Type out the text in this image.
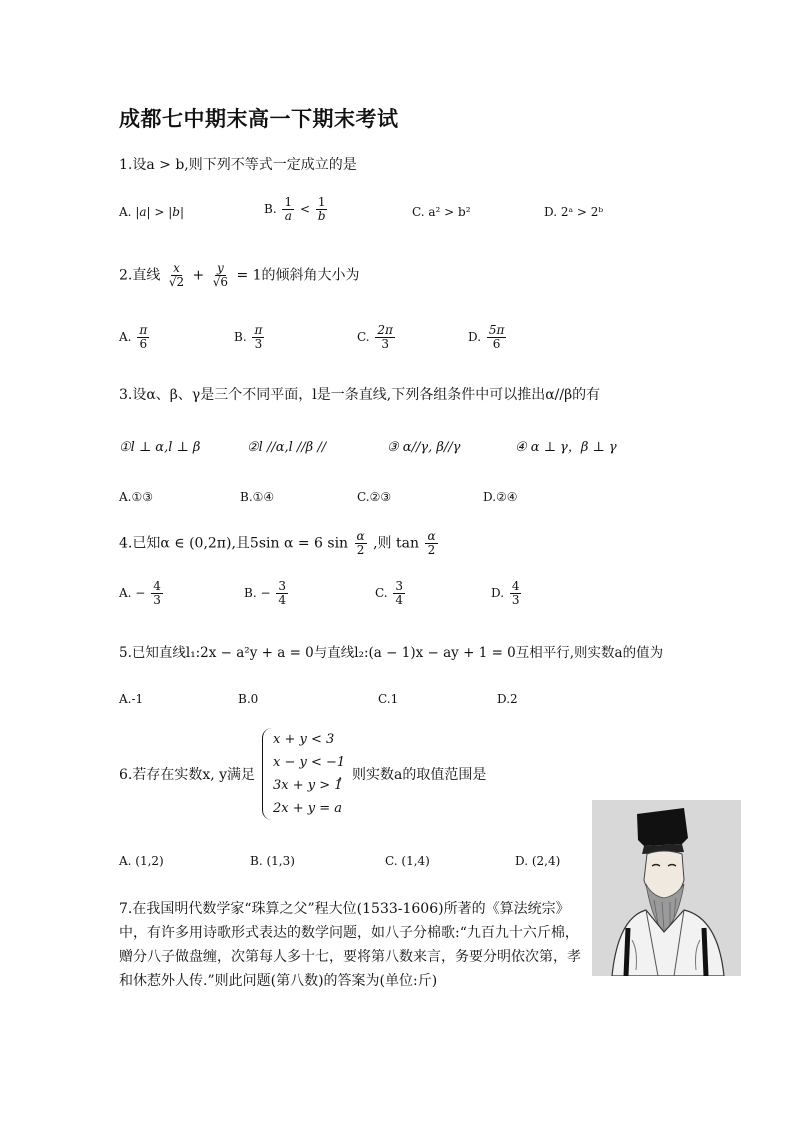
成都七中期末高一下期末考试
1.设a > b,则下列不等式一定成立的是
A. |a| > |b|	B. $\frac{1}{a} < \frac{1}{b}$	C. a² > b²	D. 2ᵃ > 2ᵇ
2.直线 $\frac{x}{√2} + \frac{y}{√6} = 1$的倾斜角大小为
A. $\frac{\pi}{6}$	B. $\frac{\pi}{3}$	C. $\frac{2\pi}{3}$	D. $\frac{5\pi}{6}$
3.设α、β、γ是三个不同平面，l是一条直线,下列各组条件中可以推出α//β的有
①l ⊥ α,l ⊥ β	②l //α,l //β //	③ α//γ, β//γ	④ α ⊥ γ，β ⊥ γ
A.①③	B.①④	C.②③	D.②④
4.已知α ∈ (0,2π),且5sin α = 6 $\sin \frac{\alpha}{2}$ ,则 $\tan \frac{\alpha}{2}$
A. − $\frac{4}{3}$	B. − $\frac{3}{4}$	C. $\frac{3}{4}$	D. $\frac{4}{3}$
5.已知直线l₁:2x − a²y + a = 0与直线l₂:(a − 1)x − ay + 1 = 0互相平行,则实数a的值为
A.-1	B.0	C.1	D.2
6.若存在实数x, y满足
x + y < 3
x − y < −1
3x + y > 1
2x + y = a
，则实数a的取值范围是
A. (1,2)	B. (1,3)	C. (1,4)	D. (2,4)
7.在我国明代数学家“珠算之父”程大位(1533-1606)所著的《算法统宗》中，有许多用诗歌形式表达的数学问题，如八子分棉歌:“九百九十六斤棉，赠分八子做盘缠，次第每人多十七，要将第八数来言，务要分明依次第，孝和休惹外人传.”则此问题(第八数)的答案为(单位:斤)
